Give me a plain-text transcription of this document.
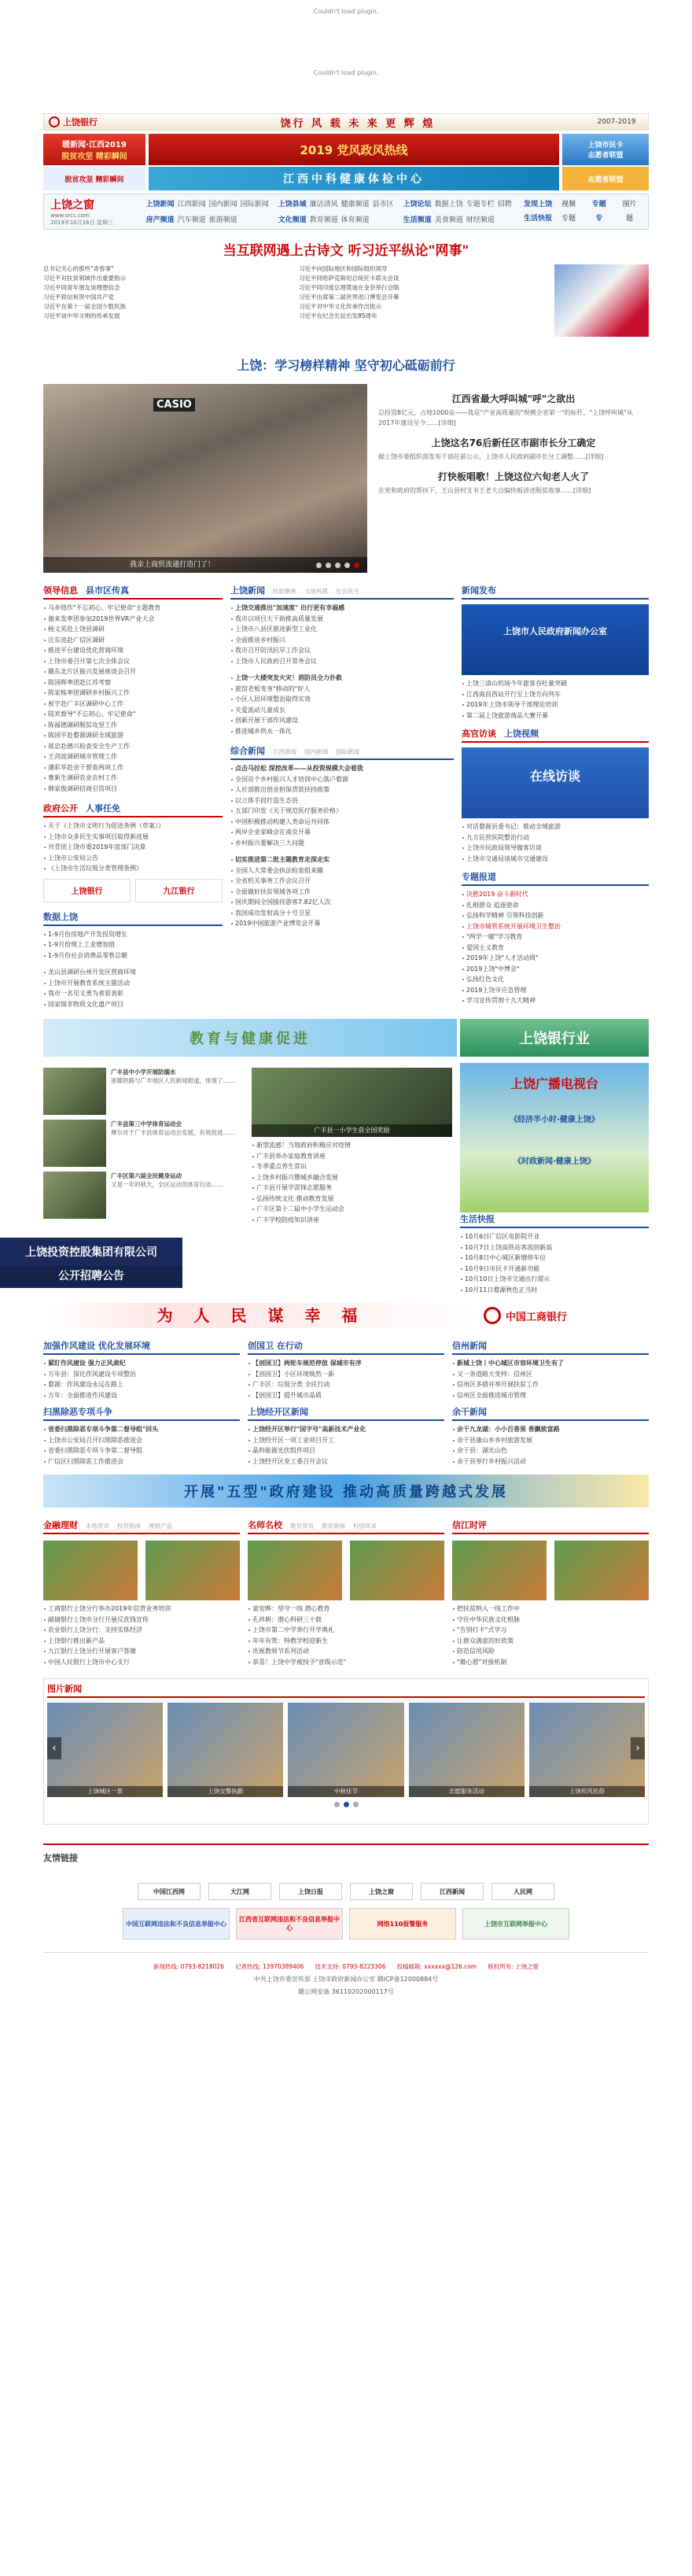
Couldn't load plugin.
Couldn't load plugin.
上饶银行	饶行 风 载 未 来 更 辉 煌	2007-2019
暖新闻·江西2019
脱贫攻坚 精彩瞬间	2019 党风政风热线	上饶市民卡
志愿者联盟
脱贫攻坚 精彩瞬间	江西中科健康体检中心	志愿者联盟
上饶之窗
www.srcc.com
2019年10月16日 星期三
上饶新闻 江西新闻 国内新闻 国际新闻	上饶县域 廉洁清风 健康频道 县市区	上饶论坛 数据上饶 专题专栏 招聘
房产频道 汽车频道 旅游频道	文化频道 教育频道 体育频道	生活频道 美食频道 财经频道
发现上饶	视频	专题	图片
生活快报	专题	专	题
当互联网遇上古诗文 听习近平纵论"网事"
总书记关心的那些"青春事"
习近平对扶贫领域作出重要指示
习近平同青年朋友谈理想信念
习近平致信祝贺中国共产党
习近平在第十一届全国少数民族
习近平谈中华文明的传承发展
习近平向国际地区和国际组织领导
习近平同哈萨克斯坦总统托卡耶夫会谈
习近平同印度总理莫迪在金奈举行会晤
习近平出席第二届世界进口博览会开幕
习近平对中华文化传承作出批示
习近平在纪念长征出发85周年
上饶：学习榜样精神 坚守初心砥砺前行
CASIO
我亲上商贸流通打造门了！
江西省最大呼叫城"呼"之欲出

总投资8亿元，占地1000亩——我是"产业高质量的"规模全省第一"的标杆，"上饶呼叫城"从2017年建设至今……[详细]

上饶这名76后新任区市副市长分工确定

据上饶市委组织部发布干部任前公示，上饶市人民政府副市长分工调整……[详细]

打快板唱歌！上饶这位六旬老人火了

在党和政府的帮扶下，王山县村支书王老大自编快板讲述脱贫故事……[详细]

领导信息 县市区传真
马乡铭作"不忘初心、牢记使命"主题教育
谢来发率团参加2019世界VR产业大会
杨文英赴上饶县调研
汪东进赴广信区调研
推进平台建设优化营商环境
上饶市委召开第七次全体会议
赣东北片区振兴发展座谈会召开
陈国晖率团赴江苏考察
陈家栋率团调研乡村振兴工作
祝宇赴广丰区调研中心工作
陆宾督导"不忘初心、牢记使命"
陈福德调研脱贫攻坚工作
陈国平赴婺源调研全域旅游
蒋忠赴德兴检查安全生产工作
王剑波调研城市管理工作
潘彩华赴余干督查两项工作
曹新生调研农业农村工作
韩家俊调研招商引资项目
政府公开 人事任免
关于《上饶市文明行为促进条例（草案）》
上饶市众多民生实事项目取得新进展
共青团上饶市委2019年度部门决算
上饶市公安局公告
《上饶市生活垃圾分类管理条例》
上饶银行	九江银行
数据上饶
1-9月份房地产开发投资增长
1-9月份规上工业增加值
1-9月份社会消费品零售总额
龙山县调研台州开发区营商环境
上饶市开展教育系统主题活动
我市一名见义勇为者获表彰
国家级非物质文化遗产项目
上饶新闻 时政聚焦 文体科教 社会民生
上饶交通推出"加速度" 出行更有幸福感
我市以项目大干助推高质量发展
上饶市八县区推进新型工业化
全面推进乡村振兴
我市召开防汛抗旱工作会议
上饶市人民政府召开常务会议
上饶一大楼突发火灾！消防员全力扑救
旅馆老板变身"移动的"好人
小区人居环境整治取得实效
关爱流动儿童成长
创新开展干部作风建设
推进城乡供水一体化
综合新闻 江西新闻 国内新闻 国际新闻
点击马拉松 深挖改革——从投资规模大会看我
全国首个乡村振兴人才培训中心落户婺源
人社部推出创业担保贷款扶持政策
以立体手段打造生态县
五部门印发《关于规范医疗服务价格》
中国积极推动构建人类命运共同体
两岸企业家峰会在南京开幕
乡村振兴要解决三大问题
切实推进第二批主题教育走深走实
全国人大常委会执法检查组来赣
全省机关事务工作会议召开
全面做好扶贫领域各项工作
国庆期间全国接待游客7.82亿人次
我国成功发射高分十号卫星
2019中国旅游产业博览会开幕
新闻发布
上饶市人民政府新闻办公室
上饶三清山机场今年旅客吞吐量突破
江西南昌西站开行至上饶方向列车
2019年上饶市领导干部理论培训
第二届上饶旅游商品大赛开幕
高官访谈 上饶视频
在线访谈
对话婺源县委书记：推动全域旅游
九方民营医院整治行动
上饶市民政局领导做客访谈
上饶市交通局谈城市交通建设
专题报道
决胜2019 奋斗新时代
扎根群众 追逐使命
弘扬科学精神 引领科技创新
上饶市城管系统开展环境卫生整治
"两学一做"学习教育
爱国主义教育
2019年上饶"人才活动周"
2019上饶"中博会"
弘扬红色文化
2019上饶市应急管理
学习宣传贯彻十九大精神
教育与健康促进	上饶银行业
广丰县中小学开展防溺水
浙赣铁路与广丰地区人民新闻报道，体现了……
广丰县第三中学体育运动会
摩尔对于广丰县体育运动会发展，有效促进……
广丰区第六届全民健身运动
又是一年的秋天，全区运动员体育行动……
广丰县一小学生获全国奖励
新型流感！当地政府积极应对疫情
广丰县举办家庭教育讲座
冬季重点养生常识
上饶乡村振兴暨城乡融合发展
广丰县开展学雷锋志愿服务
弘扬传统文化 推动教育发展
广丰区第十二届中小学生运动会
广丰学校防疫知识讲座
上饶广播电视台
《经济半小时·健康上饶》
《时政新闻·健康上饶》
生活快报
10月6日广信区电影院开业
10月7日上饶高铁站客流创新高
10月8日中心城区新增停车位
10月9日市民卡开通新功能
10月10日上饶市交通出行提示
10月11日婺源秋色正当时
为 人 民 谋 幸 福	中国工商银行
加强作风建设 优化发展环境
紧盯作风建设 强力正风肃纪
万年县：深化作风建设专项整治
婺源：作风建设永远在路上
万年：全面推进作风建设
扫黑除恶专项斗争
省委扫黑除恶专项斗争第二督导组"回头
上饶市公安局召开扫黑除恶推进会
省委扫黑除恶专项斗争第二督导组
广信区扫黑除恶工作推进会
创国卫 在行动
【创国卫】两轮车规范停放 保城市有序
【创国卫】小区环境焕然一新
广丰区：垃圾分类 全民行动
【创国卫】提升城市品质
上饶经开区新闻
上饶经开区举行"国字号"高新技术产业化
上饶经开区一项工业项目开工
晶科能源光伏组件项目
上饶经开区党工委召开会议
信州新闻
新城上饶丨中心城区市容环境卫生有了
又一条道路大变样：信州区
信州区多措并举开展扶贫工作
信州区全面推进城市管理
余干新闻
余干九龙湖：小小百香果 香飘致富路
余干县康山乡乡村旅游发展
余干县：湖光山色
余干县举行乡村振兴活动
开展"五型"政府建设 推动高质量跨越式发展
金融理财 本地资讯 投资指南 理财产品
工商银行上饶分行举办2019年信贷业务培训
邮储银行上饶市分行开展反洗钱宣传
农业银行上饶分行：支持实体经济
上饶银行推出新产品
九江银行上饶分行开展客户答谢
中国人民银行上饶市中心支行
名师名校 教育资讯 教育新闻 校园风采
童安晔：坚守一线 潜心教育
孔祥耕：潜心科研三十载
上饶市第二中学举行开学典礼
年年有赏：特教学校迎新生
庆祝教师节系列活动
恭喜！上饶中学被授予"省级示范"
信江时评
把扶贫纳入一线工作中
守住中华民族文化根脉
"告别打卡"式学习
让群众满意的好政策
防范信用风险
"微心愿"对接机制
图片新闻
‹
上饶城区一景	上饶交警执勤	中秋佳节	志愿服务活动	上饶民风民俗
›
友情链接
中国江西网	大江网	上饶日报	上饶之窗	江西新闻	人民网
中国互联网违法和不良信息举报中心
江西省互联网违法和不良信息举报中心
网络110报警服务	上饶市互联网举报中心
新闻热线: 0793-8218026 记者热线: 13970389406 技术支持: 0793-8223306 投稿邮箱: xxxxxx@126.com 版权所有: 上饶之窗
中共上饶市委宣传部 上饶市政府新闻办公室 赣ICP备12000884号
赣公网安备 36110202000117号
上饶投资控股集团有限公司
公开招聘公告
